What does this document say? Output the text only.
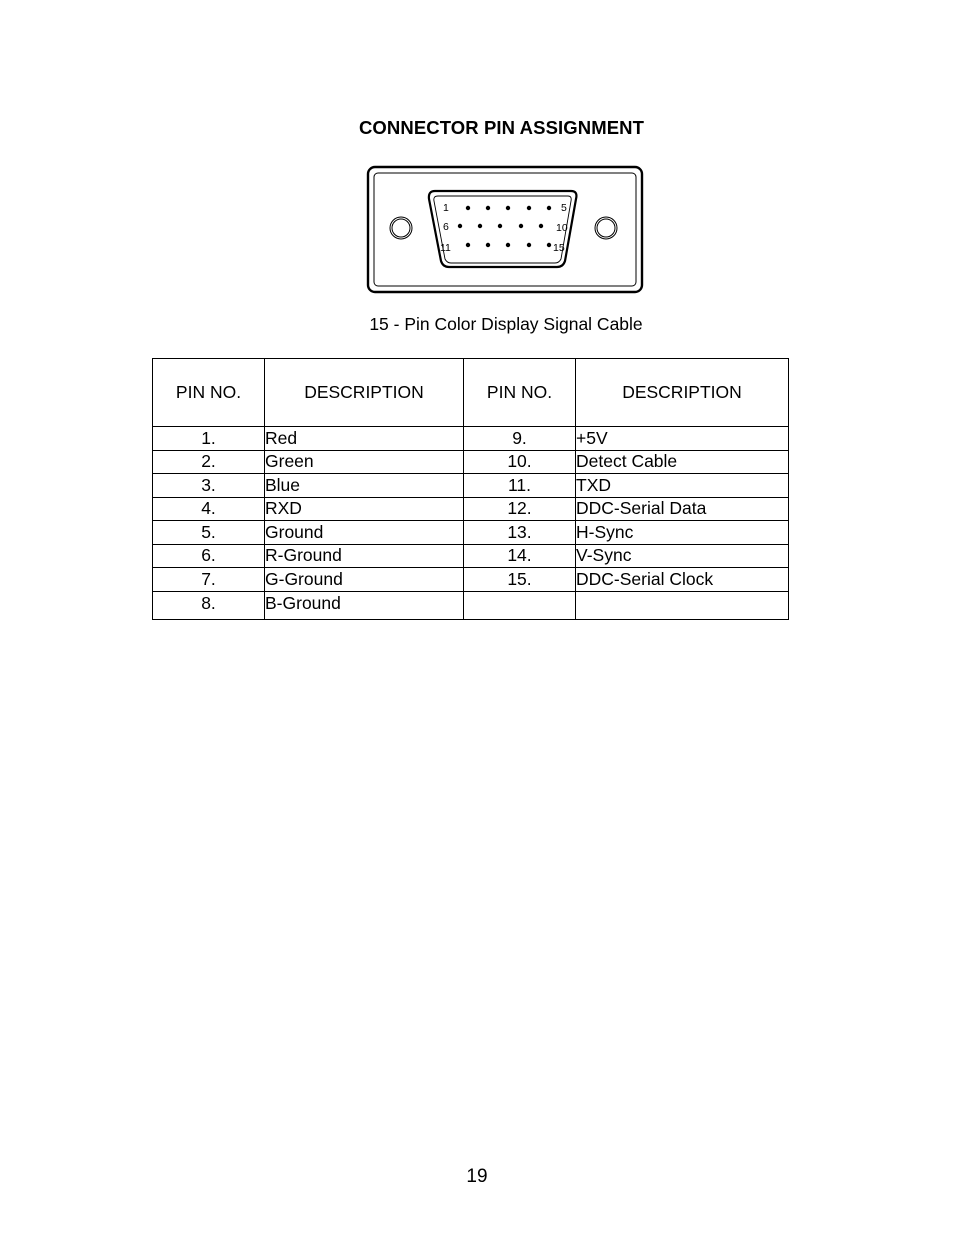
CONNECTOR PIN ASSIGNMENT
1	5
6	10
11	15
15 - Pin Color Display Signal Cable
PIN NO.	DESCRIPTION	PIN NO.	DESCRIPTION
1.	Red	9.	+5V
2.	Green	10.	Detect Cable
3.	Blue	11.	TXD
4.	RXD	12.	DDC-Serial Data
5.	Ground	13.	H-Sync
6.	R-Ground	14.	V-Sync
7.	G-Ground	15.	DDC-Serial Clock
8.	B-Ground		
19
